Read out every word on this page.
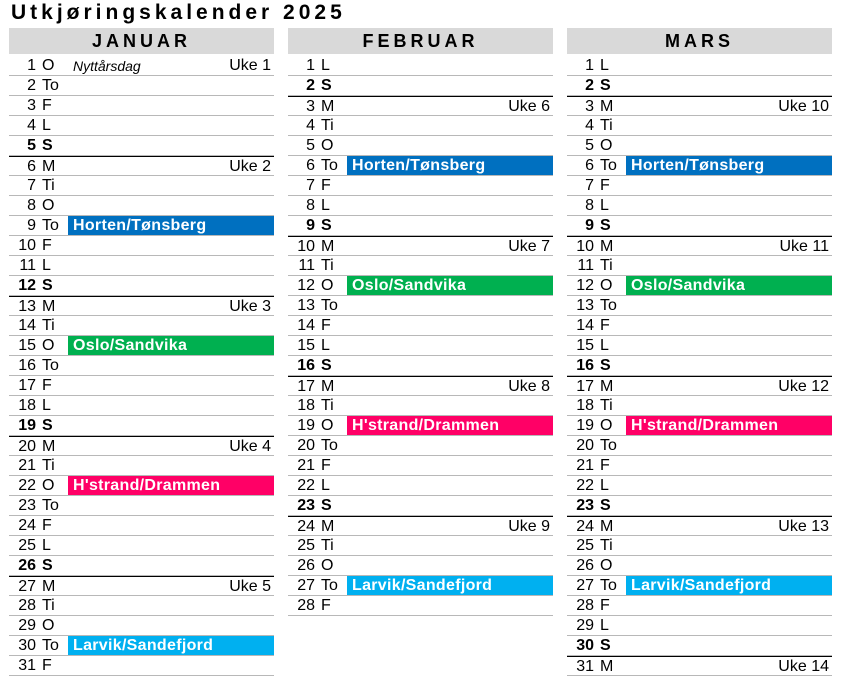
Utkjøringskalender 2025
JANUAR
1 O Nyttårsdag	Uke 1
2 To
3 F
4 L
5 S
6 M	Uke 2
7 Ti
8 O
9 To Horten/Tønsberg
10 F
11 L
12 S
13 M	Uke 3
14 Ti
15 O	Oslo/Sandvika
16 To
17 F
18 L
19 S
20 M	Uke 4
21 Ti
22 O	H'strand/Drammen
23 To
24 F
25 L
26 S
27 M	Uke 5
28 Ti
29 O
30 To Larvik/Sandefjord
31 F
FEBRUAR
1 L
2 S
3 M	Uke 6
4 Ti
5 O
6 To Horten/Tønsberg
7 F
8 L
9 S
10 M	Uke 7
11 Ti
12 O	Oslo/Sandvika
13 To
14 F
15 L
16 S
17 M	Uke 8
18 Ti
19 O	H'strand/Drammen
20 To
21 F
22 L
23 S
24 M	Uke 9
25 Ti
26 O
27 To Larvik/Sandefjord
28 F
MARS
1 L
2 S
3 M	Uke 10
4 Ti
5 O
6 To Horten/Tønsberg
7 F
8 L
9 S
10 M	Uke 11
11 Ti
12 O	Oslo/Sandvika
13 To
14 F
15 L
16 S
17 M	Uke 12
18 Ti
19 O	H'strand/Drammen
20 To
21 F
22 L
23 S
24 M	Uke 13
25 Ti
26 O
27 To Larvik/Sandefjord
28 F
29 L
30 S
31 M	Uke 14
